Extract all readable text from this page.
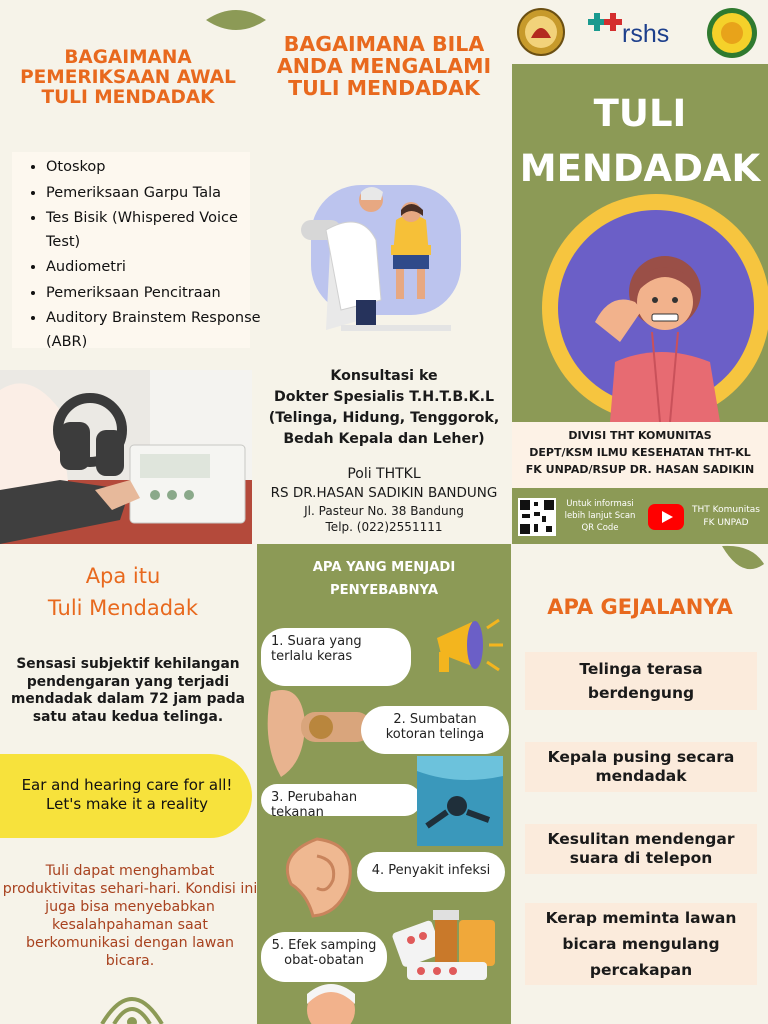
BAGAIMANA PEMERIKSAAN AWAL TULI MENDADAK
• Otoskop
• Pemeriksaan Garpu Tala
• Tes Bisik (Whispered Voice Test)
• Audiometri
• Pemeriksaan Pencitraan
• Auditory Brainstem Response (ABR)
BAGAIMANA BILA ANDA MENGALAMI TULI MENDADAK
Konsultasi ke
Dokter Spesialis T.H.T.B.K.L
(Telinga, Hidung, Tenggorok,
Bedah Kepala dan Leher)
Poli THTKL
RS DR.HASAN SADIKIN BANDUNG
Jl. Pasteur No. 38 Bandung
Telp. (022)2551111
rshs
TULI
MENDADAK
DIVISI THT KOMUNITAS
DEPT/KSM ILMU KESEHATAN THT-KL
FK UNPAD/RSUP DR. HASAN SADIKIN
Untuk informasi lebih lanjut Scan QR Code
THT Komunitas FK UNPAD
Apa itu
Tuli Mendadak
Sensasi subjektif kehilangan pendengaran yang terjadi mendadak dalam 72 jam pada satu atau kedua telinga.
Ear and hearing care for all! Let's make it a reality
Tuli dapat menghambat produktivitas sehari-hari. Kondisi ini juga bisa menyebabkan kesalahpahaman saat berkomunikasi dengan lawan bicara.
APA YANG MENJADI PENYEBABNYA
1. Suara yang terlalu keras
2. Sumbatan kotoran telinga
3. Perubahan tekanan
4. Penyakit infeksi
5. Efek samping obat-obatan
APA GEJALANYA
Telinga terasa berdengung
Kepala pusing secara mendadak
Kesulitan mendengar suara di telepon
Kerap meminta lawan bicara mengulang percakapan
